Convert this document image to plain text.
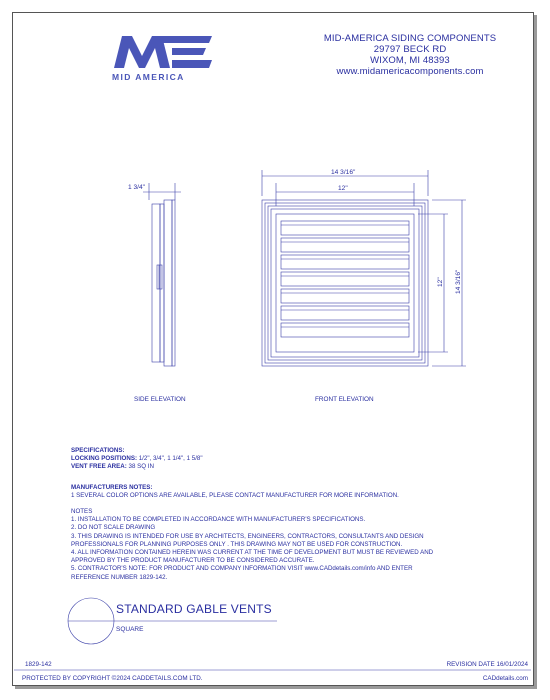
MID AMERICA
MID-AMERICA SIDING COMPONENTS
29797 BECK RD
WIXOM, MI 48393
www.midamericacomponents.com
1 3/4"
14 3/16"
12"
12" 14 3/16"
SIDE ELEVATION	FRONT ELEVATION
SPECIFICATIONS:
LOCKING POSITIONS: 1/2", 3/4", 1 1/4", 1 5/8"
VENT FREE AREA: 38 SQ IN
MANUFACTURERS NOTES:
1 SEVERAL COLOR OPTIONS ARE AVAILABLE, PLEASE CONTACT MANUFACTURER FOR MORE INFORMATION.
NOTES
1. INSTALLATION TO BE COMPLETED IN ACCORDANCE WITH MANUFACTURER'S SPECIFICATIONS.
2. DO NOT SCALE DRAWING
3. THIS DRAWING IS INTENDED FOR USE BY ARCHITECTS, ENGINEERS, CONTRACTORS, CONSULTANTS AND DESIGN
PROFESSIONALS FOR PLANNING PURPOSES ONLY . THIS DRAWING MAY NOT BE USED FOR CONSTRUCTION.
4. ALL INFORMATION CONTAINED HEREIN WAS CURRENT AT THE TIME OF DEVELOPMENT BUT MUST BE REVIEWED AND
APPROVED BY THE PRODUCT MANUFACTURER TO BE CONSIDERED ACCURATE.
5. CONTRACTOR'S NOTE: FOR PRODUCT AND COMPANY INFORMATION VISIT www.CADdetails.com/info AND ENTER
REFERENCE NUMBER 1829-142.
STANDARD GABLE VENTS
SQUARE
1829-142	REVISION DATE 16/01/2024
PROTECTED BY COPYRIGHT ©2024 CADDETAILS.COM LTD.	CADdetails.com
